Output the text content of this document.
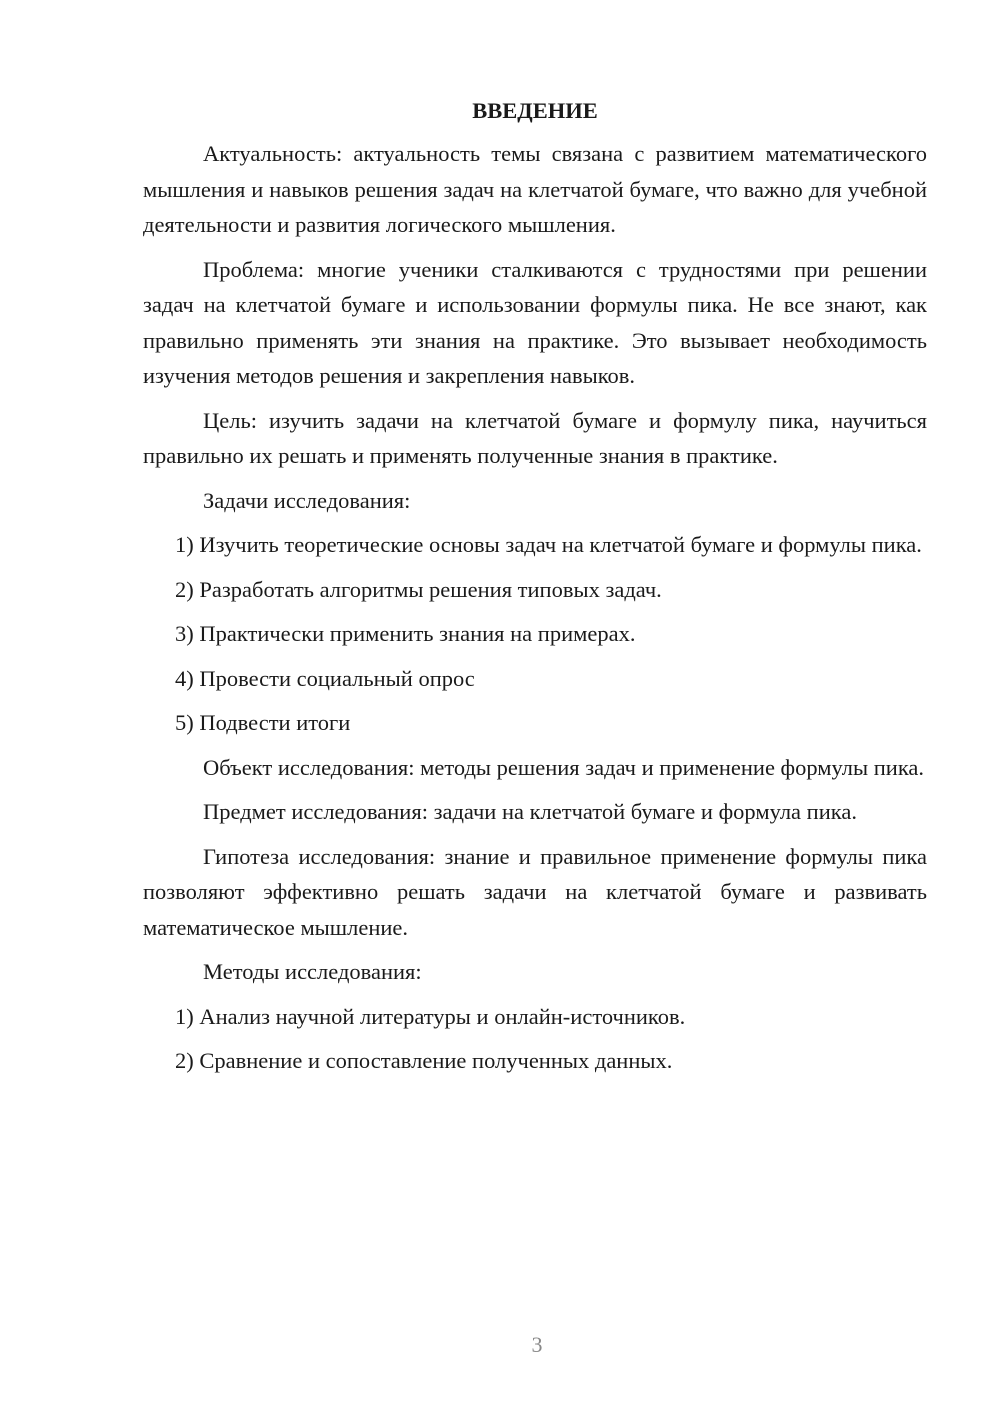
ВВЕДЕНИЕ

Актуальность: актуальность темы связана с развитием математического мышления и навыков решения задач на клетчатой бумаге, что важно для учебной деятельности и развития логического мышления.

Проблема: многие ученики сталкиваются с трудностями при решении задач на клетчатой бумаге и использовании формулы пика. Не все знают, как правильно применять эти знания на практике. Это вызывает необходимость изучения методов решения и закрепления навыков.

Цель: изучить задачи на клетчатой бумаге и формулу пика, научиться правильно их решать и применять полученные знания в практике.

Задачи исследования:

1) Изучить теоретические основы задач на клетчатой бумаге и формулы пика.

2) Разработать алгоритмы решения типовых задач.

3) Практически применить знания на примерах.

4) Провести социальный опрос

5) Подвести итоги

Объект исследования: методы решения задач и применение формулы пика.

Предмет исследования: задачи на клетчатой бумаге и формула пика.

Гипотеза исследования: знание и правильное применение формулы пика позволяют эффективно решать задачи на клетчатой бумаге и развивать математическое мышление.

Методы исследования:

1) Анализ научной литературы и онлайн-источников.

2) Сравнение и сопоставление полученных данных.

3
